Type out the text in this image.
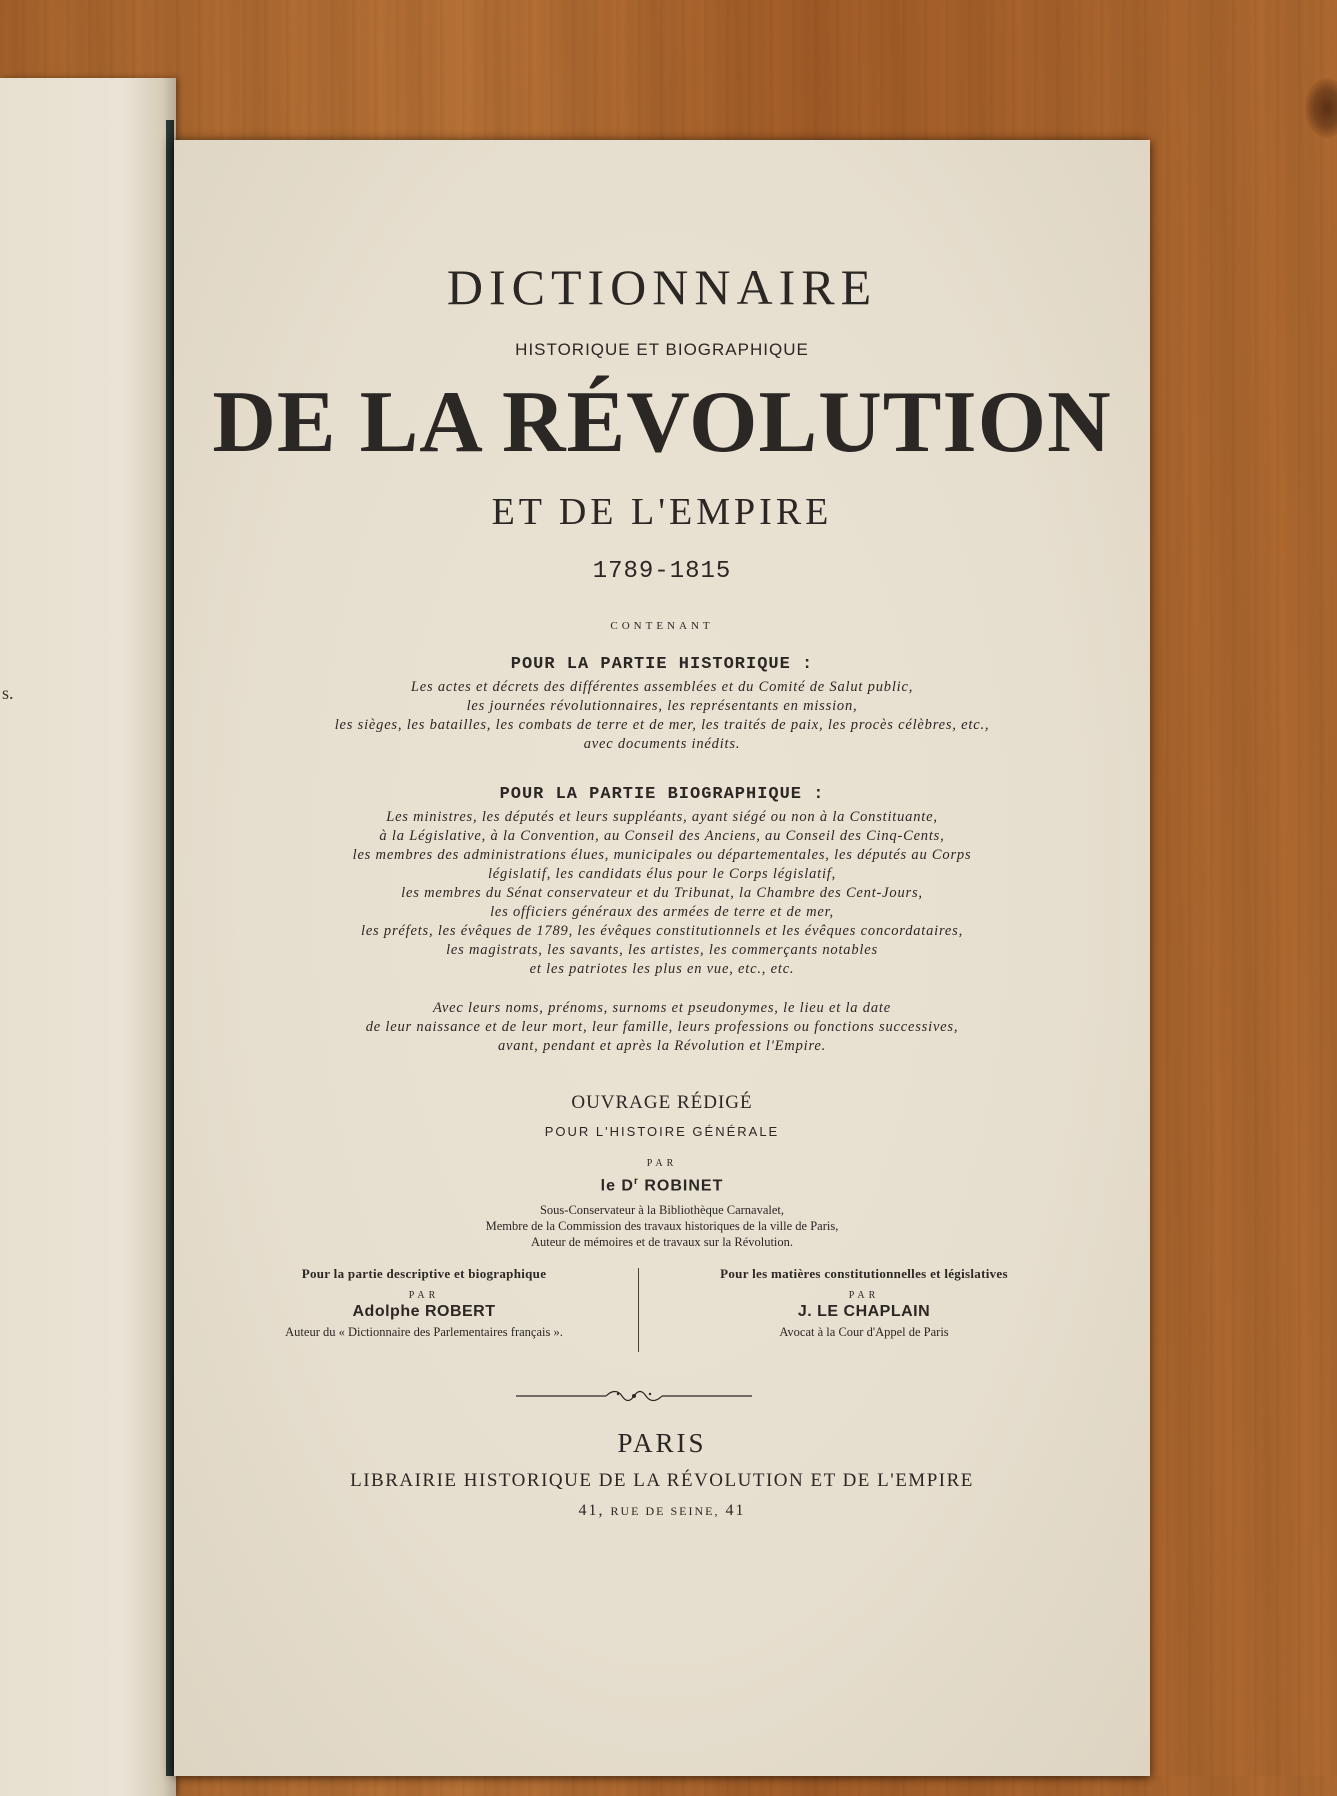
s.
DICTIONNAIRE
HISTORIQUE ET BIOGRAPHIQUE
DE LA RÉVOLUTION
ET DE L'EMPIRE
1789-1815
CONTENANT
POUR LA PARTIE HISTORIQUE :
Les actes et décrets des différentes assemblées et du Comité de Salut public,
les journées révolutionnaires, les représentants en mission,
les sièges, les batailles, les combats de terre et de mer, les traités de paix, les procès célèbres, etc.,
avec documents inédits.
POUR LA PARTIE BIOGRAPHIQUE :
Les ministres, les députés et leurs suppléants, ayant siégé ou non à la Constituante,
à la Législative, à la Convention, au Conseil des Anciens, au Conseil des Cinq-Cents,
les membres des administrations élues, municipales ou départementales, les députés au Corps
législatif, les candidats élus pour le Corps législatif,
les membres du Sénat conservateur et du Tribunat, la Chambre des Cent-Jours,
les officiers généraux des armées de terre et de mer,
les préfets, les évêques de 1789, les évêques constitutionnels et les évêques concordataires,
les magistrats, les savants, les artistes, les commerçants notables
et les patriotes les plus en vue, etc., etc.
Avec leurs noms, prénoms, surnoms et pseudonymes, le lieu et la date
de leur naissance et de leur mort, leur famille, leurs professions ou fonctions successives,
avant, pendant et après la Révolution et l'Empire.
OUVRAGE RÉDIGÉ
POUR L'HISTOIRE GÉNÉRALE
PAR
le $D^r$ ROBINET
Sous-Conservateur à la Bibliothèque Carnavalet,
Membre de la Commission des travaux historiques de la ville de Paris,
Auteur de mémoires et de travaux sur la Révolution.
Pour la partie descriptive et biographique
PAR
Adolphe ROBERT
Auteur du « Dictionnaire des Parlementaires français ».
Pour les matières constitutionnelles et législatives
PAR
J. LE CHAPLAIN
Avocat à la Cour d'Appel de Paris
PARIS
LIBRAIRIE HISTORIQUE DE LA RÉVOLUTION ET DE L'EMPIRE
41, RUE DE SEINE, 41
